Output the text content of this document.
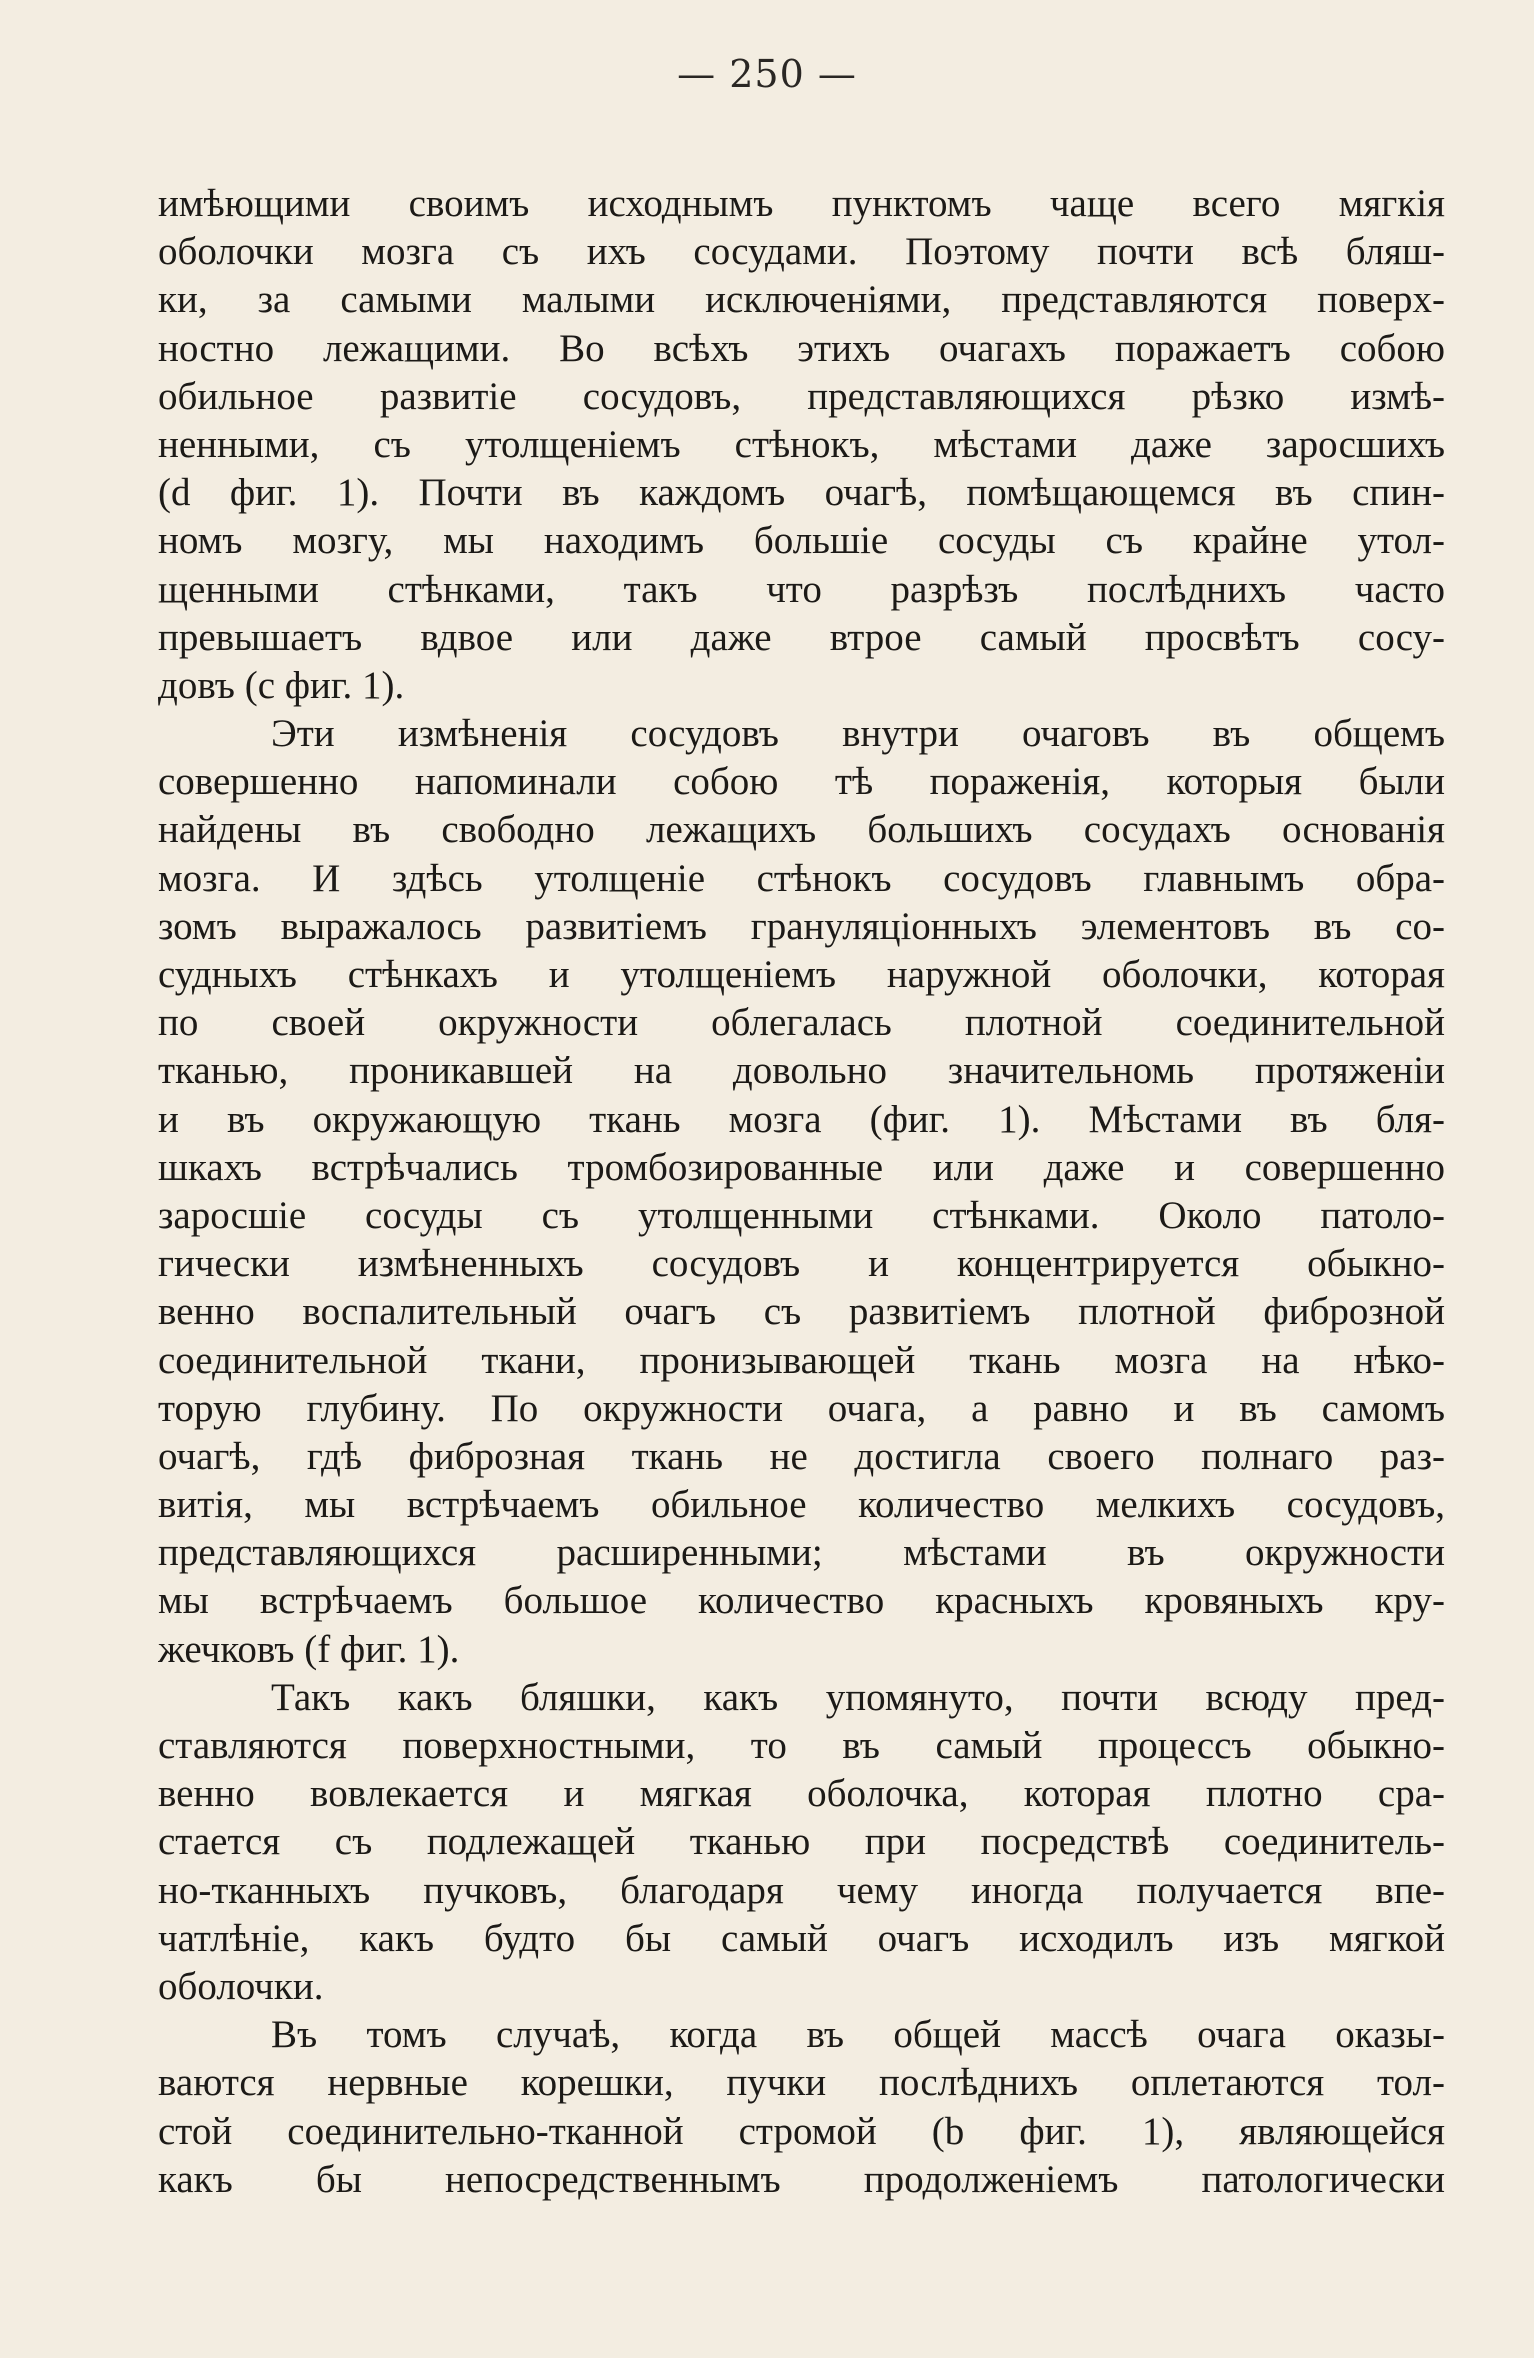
— 250 —
имѣющими своимъ исходнымъ пунктомъ чаще всего мягкія
оболочки мозга съ ихъ сосудами. Поэтому почти всѣ бляш-
ки, за самыми малыми исключеніями, представляются поверх-
ностно лежащими. Во всѣхъ этихъ очагахъ поражаетъ собою
обильное развитіе сосудовъ, представляющихся рѣзко измѣ-
ненными, съ утолщеніемъ стѣнокъ, мѣстами даже заросшихъ
(d фиг. 1). Почти въ каждомъ очагѣ, помѣщающемся въ спин-
номъ мозгу, мы находимъ большіе сосуды съ крайне утол-
щенными стѣнками, такъ что разрѣзъ послѣднихъ часто
превышаетъ вдвое или даже втрое самый просвѣтъ сосу-
довъ (c фиг. 1).
Эти измѣненія сосудовъ внутри очаговъ въ общемъ
совершенно напоминали собою тѣ пораженія, которыя были
найдены въ свободно лежащихъ большихъ сосудахъ основанія
мозга. И здѣсь утолщеніе стѣнокъ сосудовъ главнымъ обра-
зомъ выражалось развитіемъ грануляціонныхъ элементовъ въ со-
судныхъ стѣнкахъ и утолщеніемъ наружной оболочки, которая
по своей окружности облегалась плотной соединительной
тканью, проникавшей на довольно значительномь протяженіи
и въ окружающую ткань мозга (фиг. 1). Мѣстами въ бля-
шкахъ встрѣчались тромбозированные или даже и совершенно
заросшіе сосуды съ утолщенными стѣнками. Около патоло-
гически измѣненныхъ сосудовъ и концентрируется обыкно-
венно воспалительный очагъ съ развитіемъ плотной фиброзной
соединительной ткани, пронизывающей ткань мозга на нѣко-
торую глубину. По окружности очага, а равно и въ самомъ
очагѣ, гдѣ фиброзная ткань не достигла своего полнаго раз-
витія, мы встрѣчаемъ обильное количество мелкихъ сосудовъ,
представляющихся расширенными; мѣстами въ окружности
мы встрѣчаемъ большое количество красныхъ кровяныхъ кру-
жечковъ (f фиг. 1).
Такъ какъ бляшки, какъ упомянуто, почти всюду пред-
ставляются поверхностными, то въ самый процессъ обыкно-
венно вовлекается и мягкая оболочка, которая плотно сра-
стается съ подлежащей тканью при посредствѣ соединитель-
но-тканныхъ пучковъ, благодаря чему иногда получается впе-
чатлѣніе, какъ будто бы самый очагъ исходилъ изъ мягкой
оболочки.
Въ томъ случаѣ, когда въ общей массѣ очага оказы-
ваются нервные корешки, пучки послѣднихъ оплетаются тол-
стой соединительно-тканной стромой (b фиг. 1), являющейся
какъ бы непосредственнымъ продолженіемъ патологически
